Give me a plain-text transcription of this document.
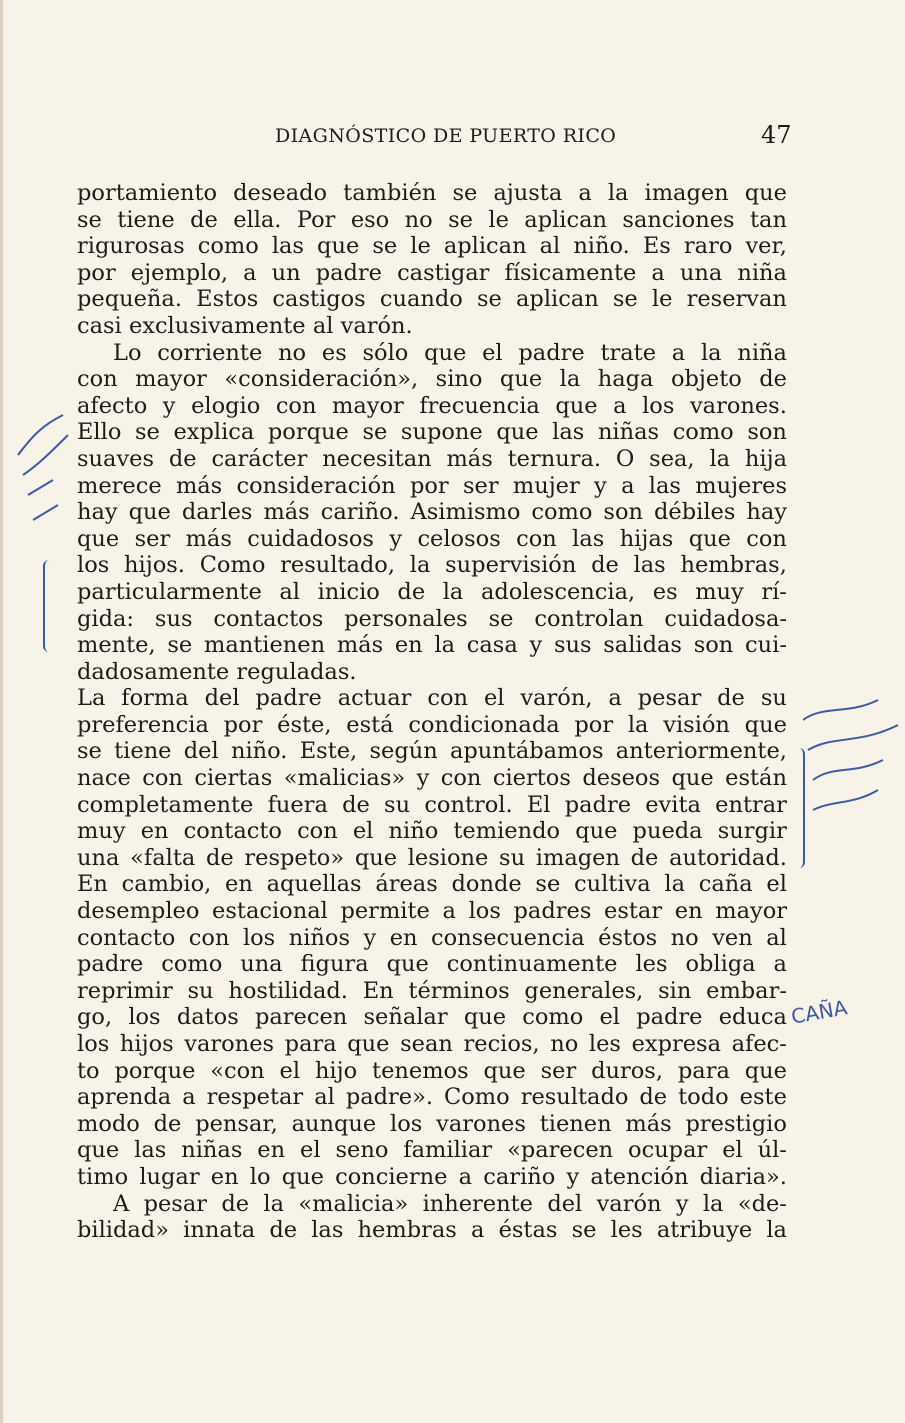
DIAGNÓSTICO DE PUERTO RICO	47
portamiento deseado también se ajusta a la imagen que
se tiene de ella. Por eso no se le aplican sanciones tan
rigurosas como las que se le aplican al niño. Es raro ver,
por ejemplo, a un padre castigar físicamente a una niña
pequeña. Estos castigos cuando se aplican se le reservan
casi exclusivamente al varón.
Lo corriente no es sólo que el padre trate a la niña
con mayor «consideración», sino que la haga objeto de
afecto y elogio con mayor frecuencia que a los varones.
Ello se explica porque se supone que las niñas como son
suaves de carácter necesitan más ternura. O sea, la hija
merece más consideración por ser mujer y a las mujeres
hay que darles más cariño. Asimismo como son débiles hay
que ser más cuidadosos y celosos con las hijas que con
los hijos. Como resultado, la supervisión de las hembras,
particularmente al inicio de la adolescencia, es muy rí-
gida: sus contactos personales se controlan cuidadosa-
mente, se mantienen más en la casa y sus salidas son cui-
dadosamente reguladas.
La forma del padre actuar con el varón, a pesar de su
preferencia por éste, está condicionada por la visión que
se tiene del niño. Este, según apuntábamos anteriormente,
nace con ciertas «malicias» y con ciertos deseos que están
completamente fuera de su control. El padre evita entrar
muy en contacto con el niño temiendo que pueda surgir
una «falta de respeto» que lesione su imagen de autoridad.
En cambio, en aquellas áreas donde se cultiva la caña el
desempleo estacional permite a los padres estar en mayor
contacto con los niños y en consecuencia éstos no ven al
padre como una figura que continuamente les obliga a
reprimir su hostilidad. En términos generales, sin embar-
go, los datos parecen señalar que como el padre educa
los hijos varones para que sean recios, no les expresa afec-
to porque «con el hijo tenemos que ser duros, para que
aprenda a respetar al padre». Como resultado de todo este
modo de pensar, aunque los varones tienen más prestigio
que las niñas en el seno familiar «parecen ocupar el úl-
timo lugar en lo que concierne a cariño y atención diaria».
A pesar de la «malicia» inherente del varón y la «de-
bilidad» innata de las hembras a éstas se les atribuye la
CAÑA
